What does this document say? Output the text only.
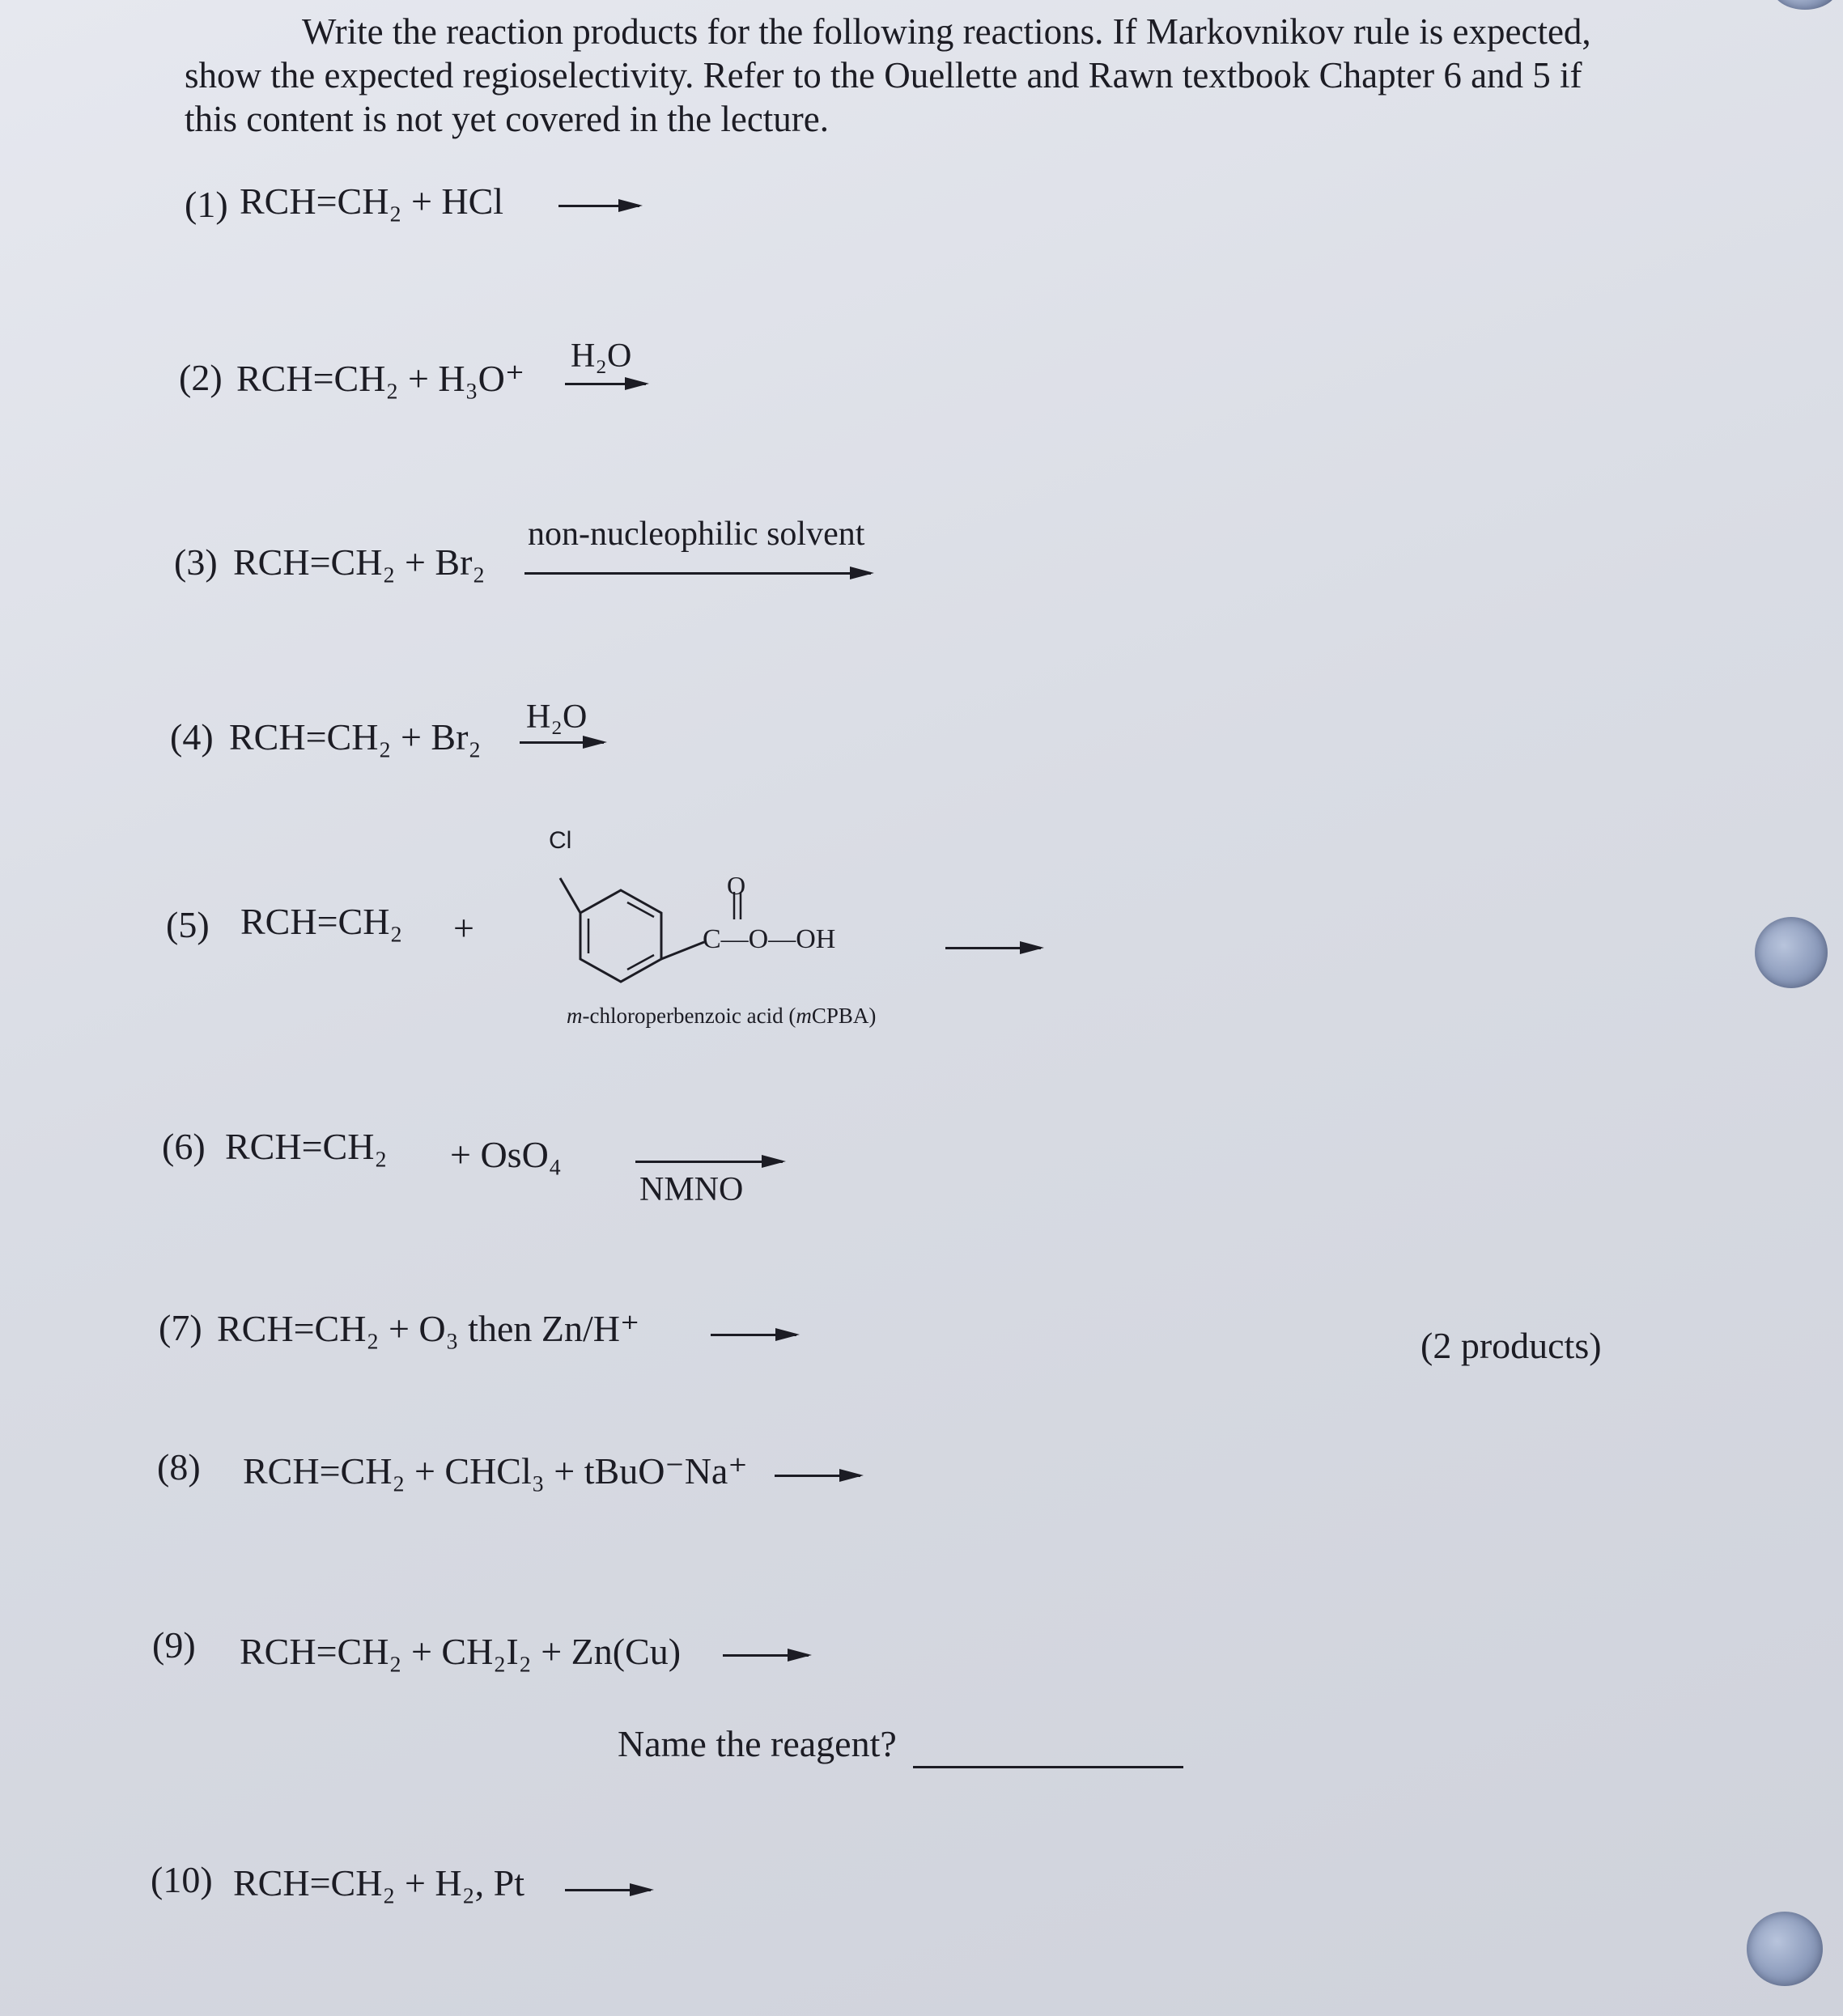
Write the reaction products for the following reactions. If Markovnikov rule is expected,
show the expected regioselectivity. Refer to the Ouellette and Rawn textbook Chapter 6 and 5 if
this content is not yet covered in the lecture.
(1) RCH=CH₂ + HCl
(2) RCH=CH₂ + H₃O⁺
H₂O
(3) RCH=CH₂ + Br₂
non-nucleophilic solvent
(4) RCH=CH₂ + Br₂ H₂O
(5) RCH=CH₂ +
Cl
O
C—O—OH
m-chloroperbenzoic acid (mCPBA)
(6) RCH=CH₂ + OsO₄
NMNO
(7) RCH=CH₂ + O₃ then Zn/H⁺	(2 products)
(8) RCH=CH₂ + CHCl₃ + tBuO⁻Na⁺
(9) RCH=CH₂ + CH₂I₂ + Zn(Cu)
Name the reagent?
(10) RCH=CH₂ + H₂, Pt
